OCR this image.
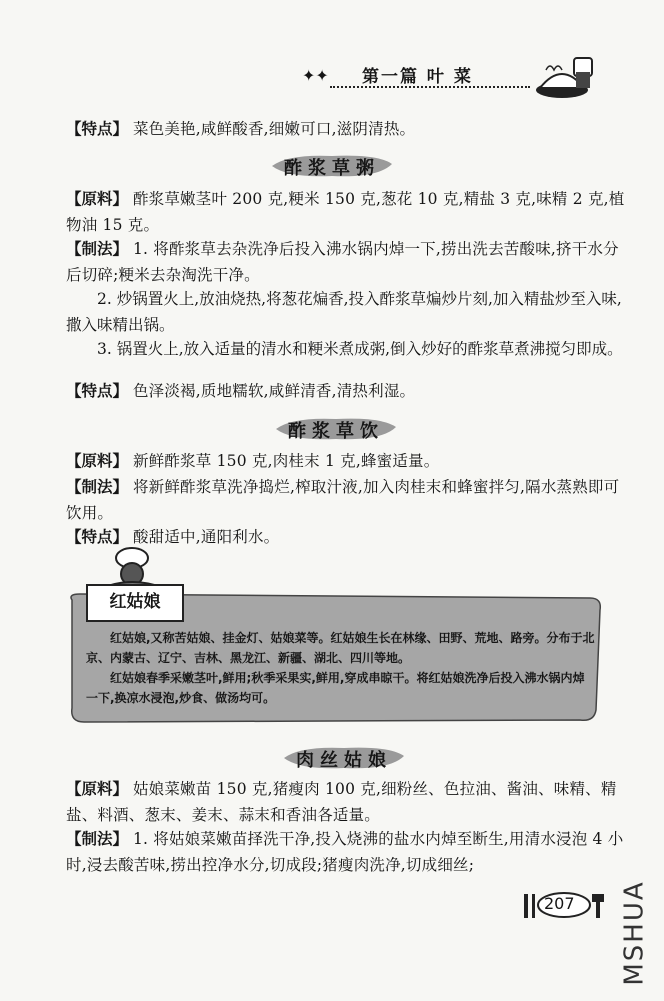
✦✦ 第一篇 叶 菜
【特点】 菜色美艳,咸鲜酸香,细嫩可口,滋阴清热。
酢浆草粥
【原料】 酢浆草嫩茎叶 200 克,粳米 150 克,葱花 10 克,精盐 3 克,味精 2 克,植物油 15 克。
【制法】 1. 将酢浆草去杂洗净后投入沸水锅内焯一下,捞出洗去苦酸味,挤干水分后切碎;粳米去杂淘洗干净。
2. 炒锅置火上,放油烧热,将葱花煸香,投入酢浆草煸炒片刻,加入精盐炒至入味,撒入味精出锅。
3. 锅置火上,放入适量的清水和粳米煮成粥,倒入炒好的酢浆草煮沸搅匀即成。
【特点】 色泽淡褐,质地糯软,咸鲜清香,清热利湿。
酢浆草饮
【原料】 新鲜酢浆草 150 克,肉桂末 1 克,蜂蜜适量。
【制法】 将新鲜酢浆草洗净捣烂,榨取汁液,加入肉桂末和蜂蜜拌匀,隔水蒸熟即可饮用。
【特点】 酸甜适中,通阳利水。
红姑娘

红姑娘,又称苦姑娘、挂金灯、姑娘菜等。红姑娘生长在林缘、田野、荒地、路旁。分布于北京、内蒙古、辽宁、吉林、黑龙江、新疆、湖北、四川等地。

红姑娘春季采嫩茎叶,鲜用;秋季采果实,鲜用,穿成串晾干。将红姑娘洗净后投入沸水锅内焯一下,换凉水浸泡,炒食、做汤均可。

肉丝姑娘
【原料】 姑娘菜嫩苗 150 克,猪瘦肉 100 克,细粉丝、色拉油、酱油、味精、精盐、料酒、葱末、姜末、蒜末和香油各适量。
【制法】 1. 将姑娘菜嫩苗择洗干净,投入烧沸的盐水内焯至断生,用清水浸泡 4 小时,浸去酸苦味,捞出控净水分,切成段;猪瘦肉洗净,切成细丝;
207 MSHUA
